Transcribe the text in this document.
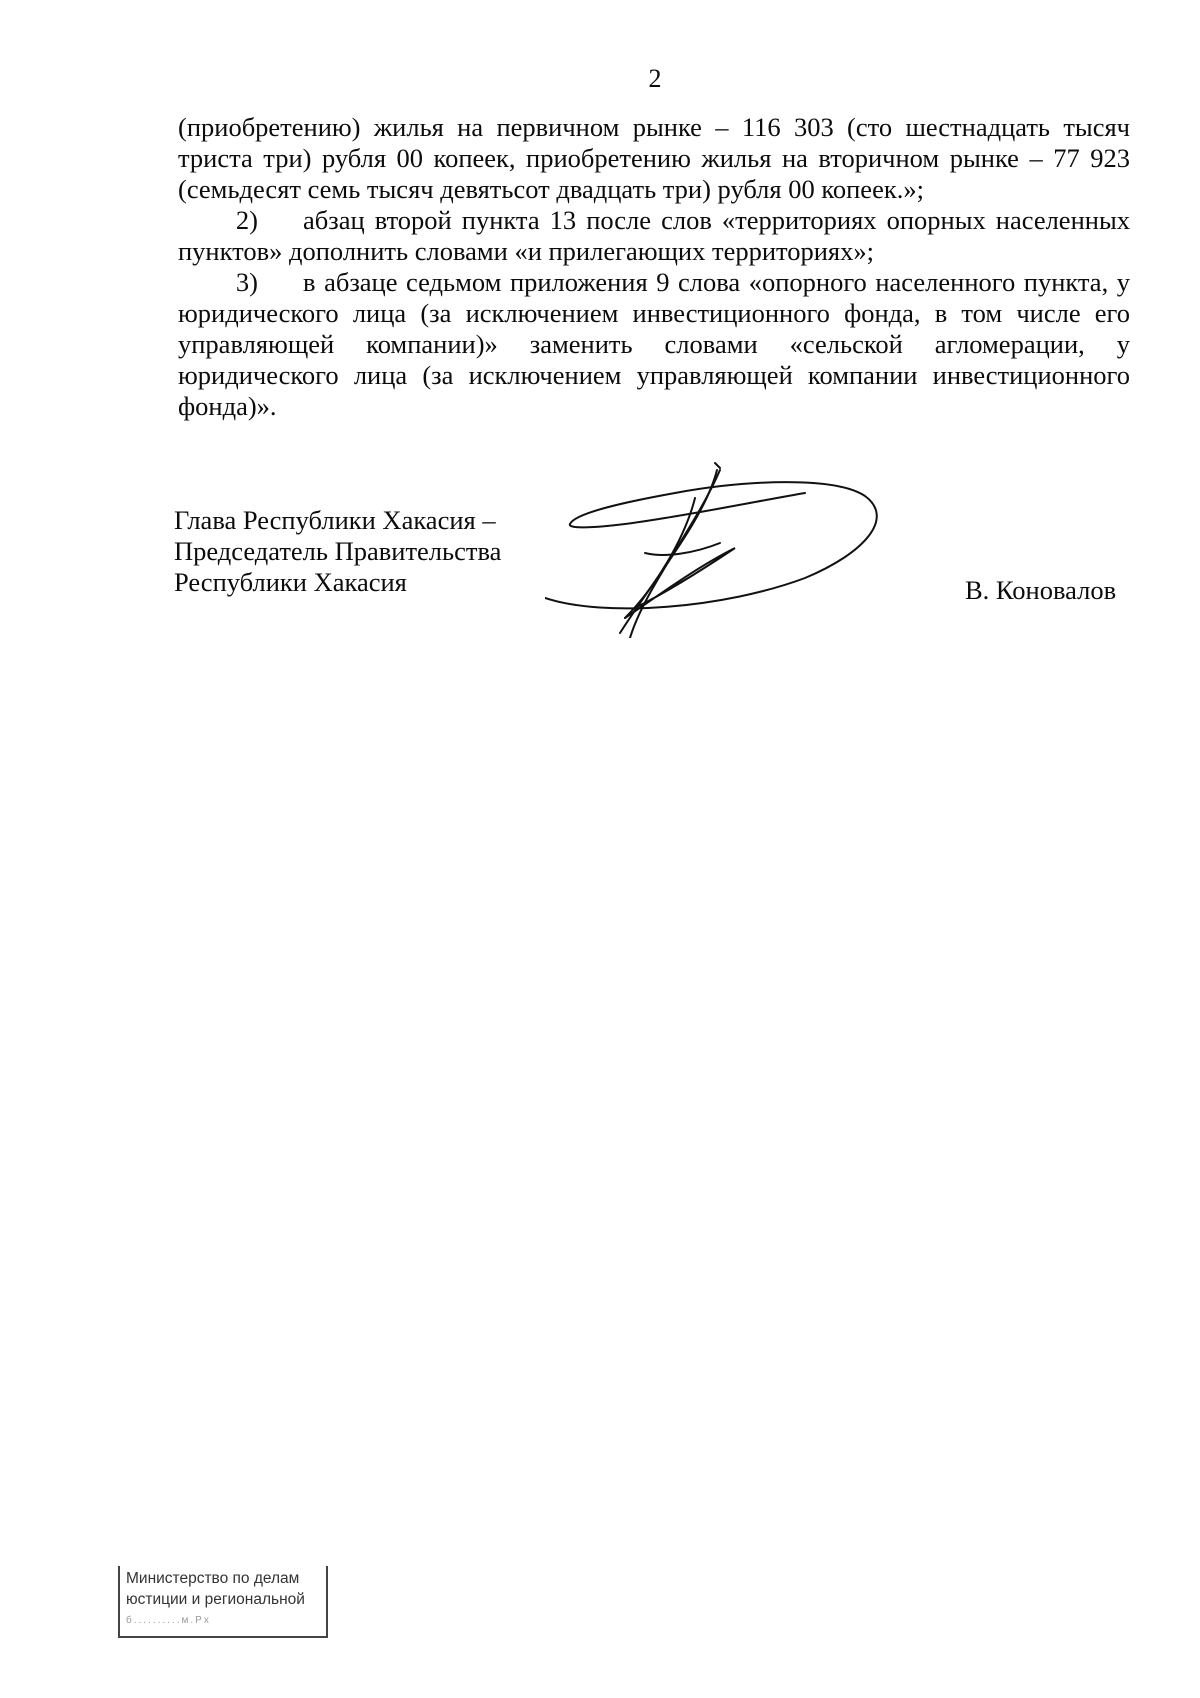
2

(приобретению) жилья на первичном рынке – 116 303 (сто шестнадцать тысяч триста три) рубля 00 копеек, приобретению жилья на вторичном рынке – 77 923 (семьдесят семь тысяч девятьсот двадцать три) рубля 00 копеек.»;

2) абзац второй пункта 13 после слов «территориях опорных населенных пунктов» дополнить словами «и прилегающих территориях»;

3) в абзаце седьмом приложения 9 слова «опорного населенного пункта, у юридического лица (за исключением инвестиционного фонда, в том числе его управляющей компании)» заменить словами «сельской агломерации, у юридического лица (за исключением управляющей компании инвестиционного фонда)».

Глава Республики Хакасия –
Председатель Правительства
Республики Хакасия	В. Коновалов
Министерство по делам
юстиции и региональной
б..........м.Рх
